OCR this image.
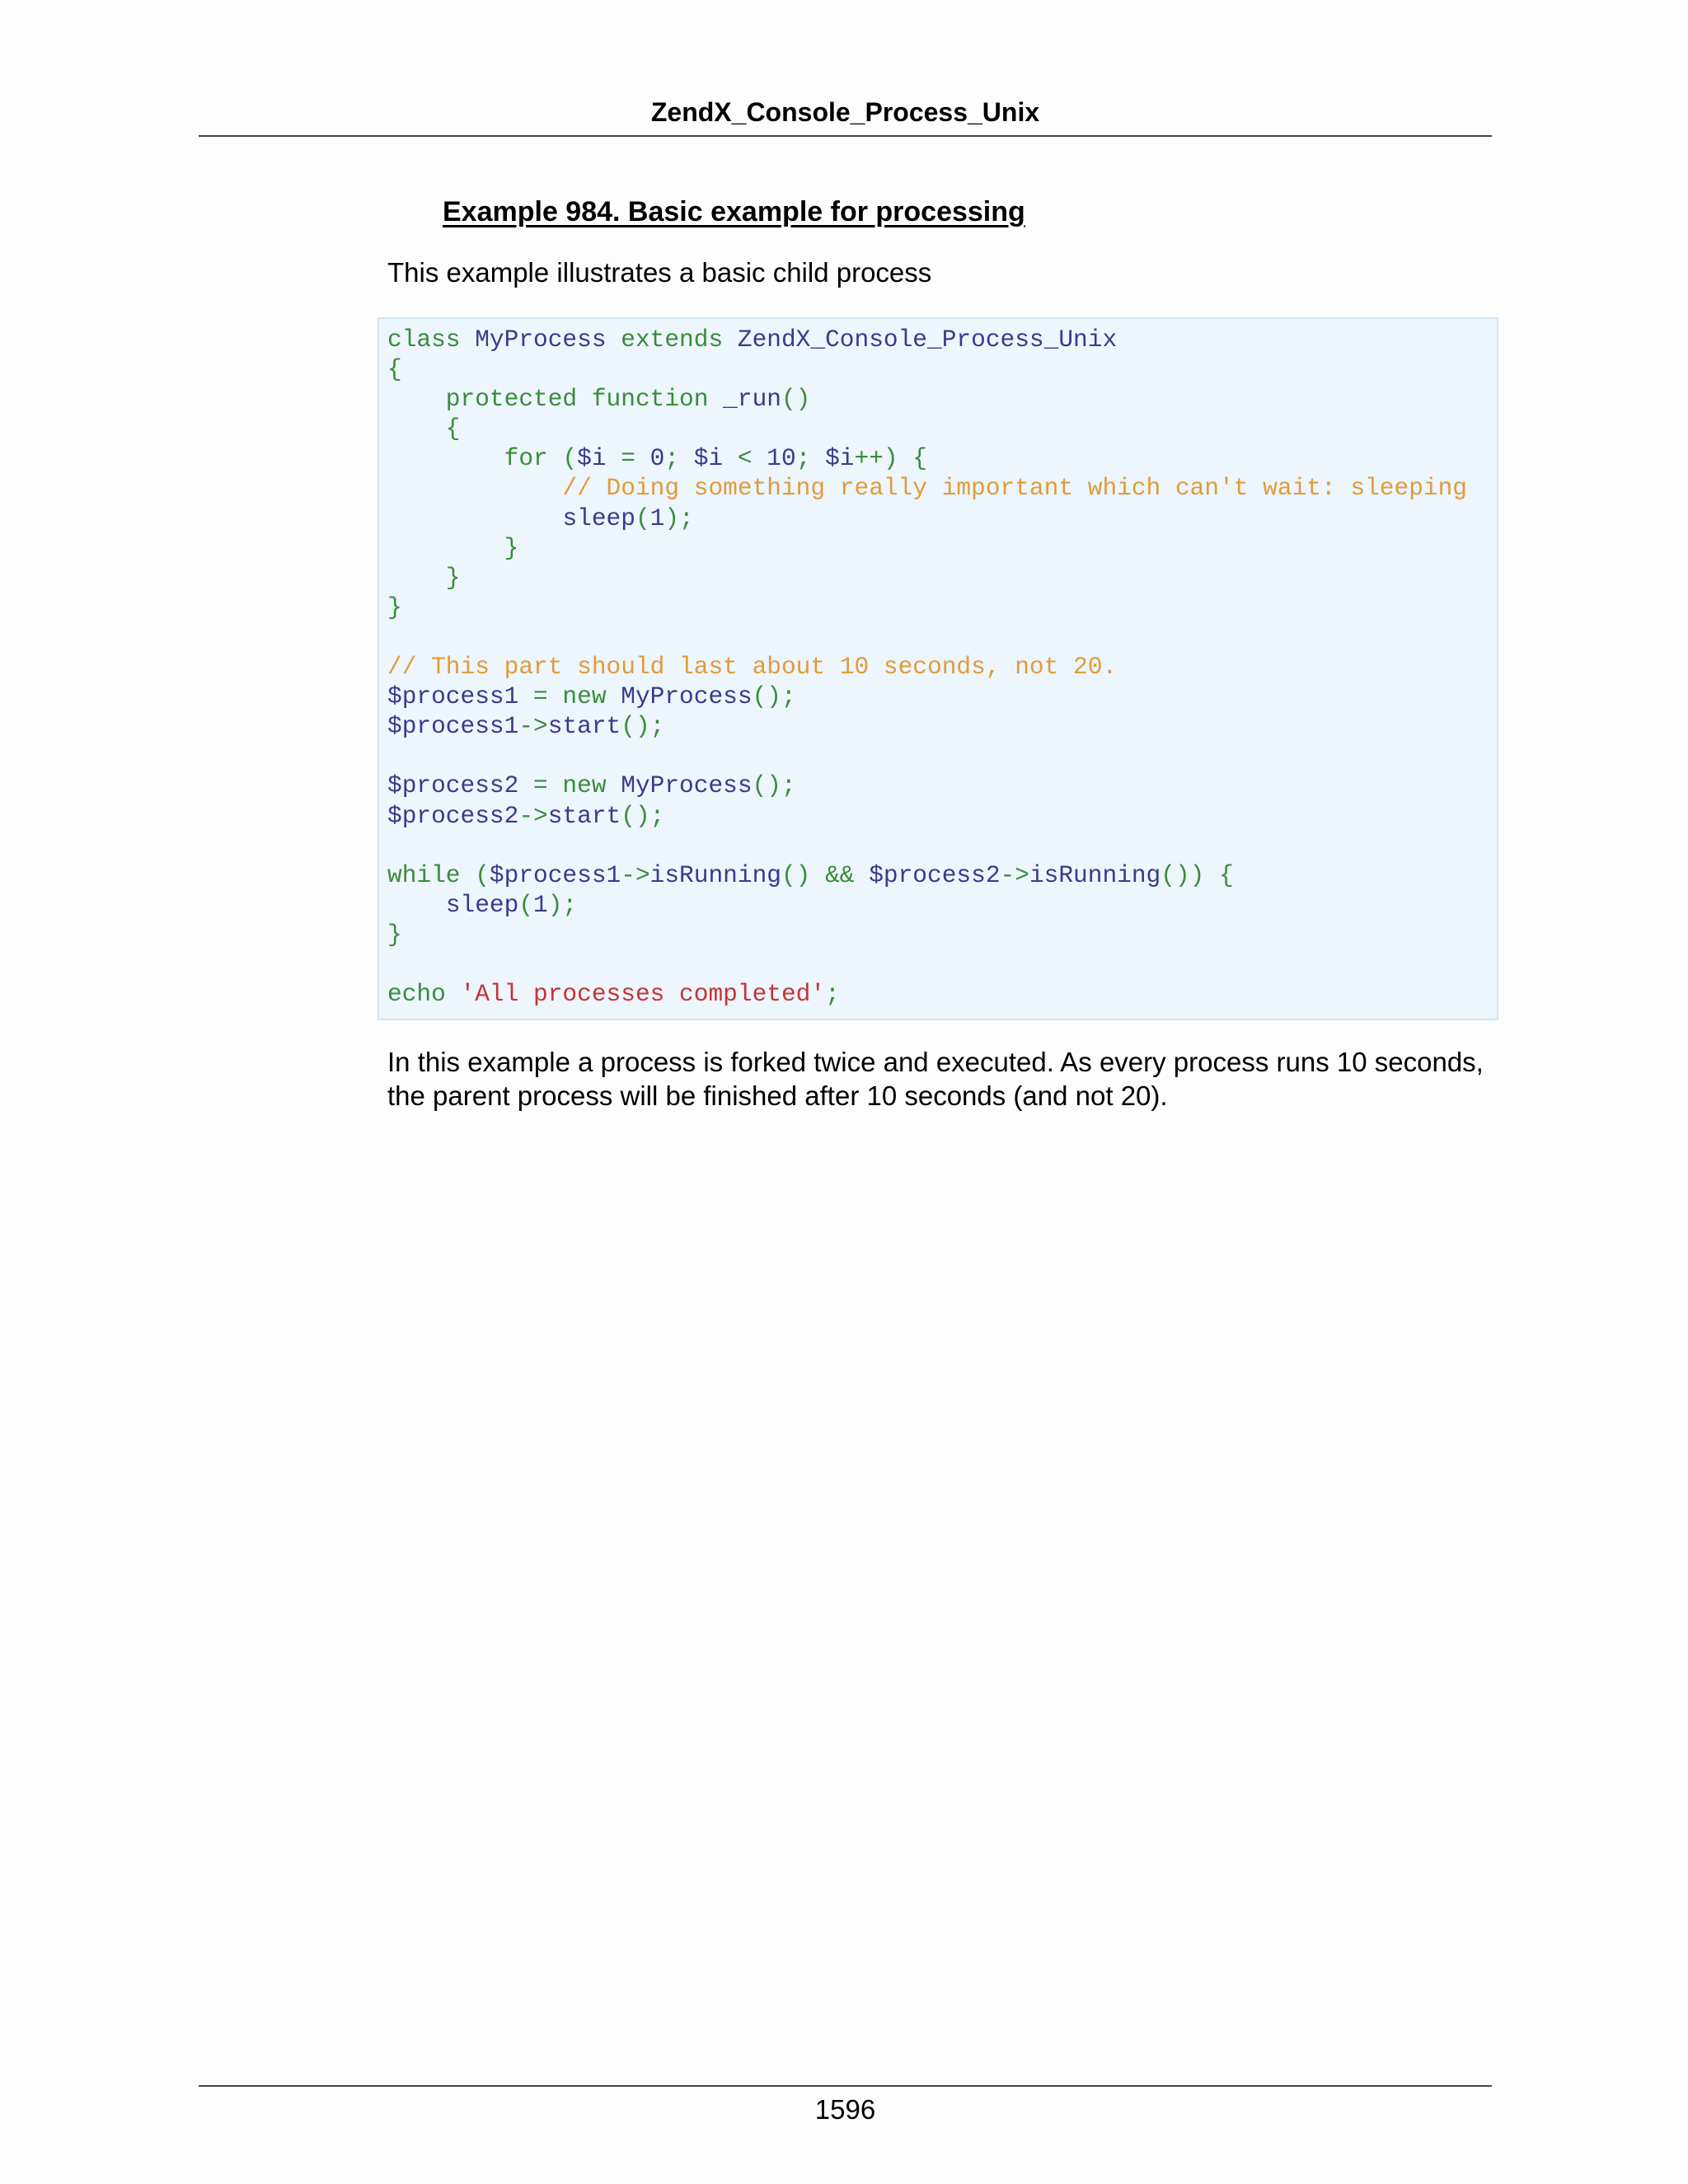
ZendX_Console_Process_Unix
Example 984. Basic example for processing
This example illustrates a basic child process
class MyProcess extends ZendX_Console_Process_Unix
{
protected function _run()
{
for ($i = 0; $i < 10; $i++) {
// Doing something really important which can't wait: sleeping
sleep(1);
}
}
}
// This part should last about 10 seconds, not 20.
$process1 = new MyProcess();
$process1->start();
$process2 = new MyProcess();
$process2->start();
while ($process1->isRunning() && $process2->isRunning()) {
sleep(1);
}
echo 'All processes completed';
In this example a process is forked twice and executed. As every process runs 10 seconds, the parent process will be finished after 10 seconds (and not 20).
1596
